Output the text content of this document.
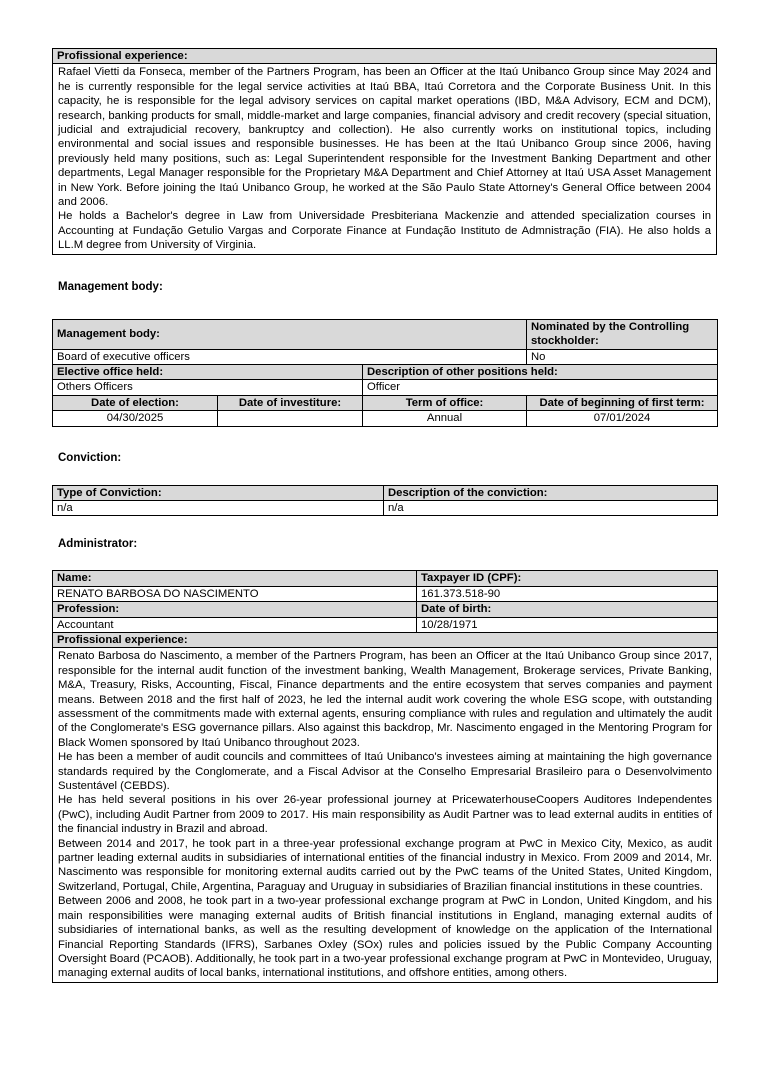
Profissional experience:

Rafael Vietti da Fonseca, member of the Partners Program, has been an Officer at the Itaú Unibanco Group since May 2024 and he is currently responsible for the legal service activities at Itaú BBA, Itaú Corretora and the Corporate Business Unit. In this capacity, he is responsible for the legal advisory services on capital market operations (IBD, M&A Advisory, ECM and DCM), research, banking products for small, middle-market and large companies, financial advisory and credit recovery (special situation, judicial and extrajudicial recovery, bankruptcy and collection). He also currently works on institutional topics, including environmental and social issues and responsible businesses. He has been at the Itaú Unibanco Group since 2006, having previously held many positions, such as: Legal Superintendent responsible for the Investment Banking Department and other departments, Legal Manager responsible for the Proprietary M&A Department and Chief Attorney at Itaú USA Asset Management in New York. Before joining the Itaú Unibanco Group, he worked at the São Paulo State Attorney's General Office between 2004 and 2006.

He holds a Bachelor's degree in Law from Universidade Presbiteriana Mackenzie and attended specialization courses in Accounting at Fundação Getulio Vargas and Corporate Finance at Fundação Instituto de Admnistração (FIA). He also holds a LL.M degree from University of Virginia.

Management body:
Management body:			Nominated by the Controlling stockholder:
Board of executive officers			No
Elective office held:		Description of other positions held:	
Others Officers		Officer	
Date of election:	Date of investiture:	Term of office:	Date of beginning of first term:
04/30/2025		Annual	07/01/2024
Conviction:
Type of Conviction:	Description of the conviction:
n/a	n/a
Administrator:
Name:	Taxpayer ID (CPF):
RENATO BARBOSA DO NASCIMENTO	161.373.518-90
Profession:	Date of birth:
Accountant	10/28/1971
Profissional experience:	

Renato Barbosa do Nascimento, a member of the Partners Program, has been an Officer at the Itaú Unibanco Group since 2017, responsible for the internal audit function of the investment banking, Wealth Management, Brokerage services, Private Banking, M&A, Treasury, Risks, Accounting, Fiscal, Finance departments and the entire ecosystem that serves companies and payment means. Between 2018 and the first half of 2023, he led the internal audit work covering the whole ESG scope, with outstanding assessment of the commitments made with external agents, ensuring compliance with rules and regulation and ultimately the audit of the Conglomerate's ESG governance pillars. Also against this backdrop, Mr. Nascimento engaged in the Mentoring Program for Black Women sponsored by Itaú Unibanco throughout 2023.

He has been a member of audit councils and committees of Itaú Unibanco's investees aiming at maintaining the high governance standards required by the Conglomerate, and a Fiscal Advisor at the Conselho Empresarial Brasileiro para o Desenvolvimento Sustentável (CEBDS).

He has held several positions in his over 26-year professional journey at PricewaterhouseCoopers Auditores Independentes (PwC), including Audit Partner from 2009 to 2017. His main responsibility as Audit Partner was to lead external audits in entities of the financial industry in Brazil and abroad.

Between 2014 and 2017, he took part in a three-year professional exchange program at PwC in Mexico City, Mexico, as audit partner leading external audits in subsidiaries of international entities of the financial industry in Mexico. From 2009 and 2014, Mr. Nascimento was responsible for monitoring external audits carried out by the PwC teams of the United States, United Kingdom, Switzerland, Portugal, Chile, Argentina, Paraguay and Uruguay in subsidiaries of Brazilian financial institutions in these countries.

Between 2006 and 2008, he took part in a two-year professional exchange program at PwC in London, United Kingdom, and his main responsibilities were managing external audits of British financial institutions in England, managing external audits of subsidiaries of international banks, as well as the resulting development of knowledge on the application of the International Financial Reporting Standards (IFRS), Sarbanes Oxley (SOx) rules and policies issued by the Public Company Accounting Oversight Board (PCAOB). Additionally, he took part in a two-year professional exchange program at PwC in Montevideo, Uruguay, managing external audits of local banks, international institutions, and offshore entities, among others.	
